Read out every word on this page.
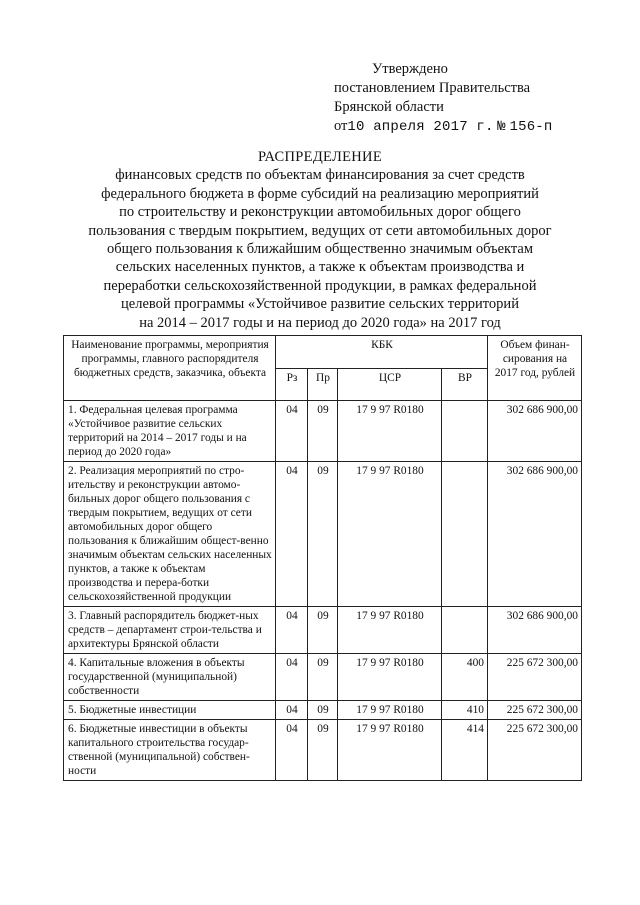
Утверждено
постановлением Правительства
Брянской области
от10 апреля 2017 г. № 156-п
РАСПРЕДЕЛЕНИЕ
финансовых средств по объектам финансирования за счет средств
федерального бюджета в форме субсидий на реализацию мероприятий
по строительству и реконструкции автомобильных дорог общего
пользования с твердым покрытием, ведущих от сети автомобильных дорог
общего пользования к ближайшим общественно значимым объектам
сельских населенных пунктов, а также к объектам производства и
переработки сельскохозяйственной продукции, в рамках федеральной
целевой программы «Устойчивое развитие сельских территорий
на 2014 – 2017 годы и на период до 2020 года» на 2017 год
Наименование программы, мероприятия программы, главного распорядителя бюджетных средств, заказчика, объекта	КБК				Объем финан-сирования на 2017 год, рублей
	Рз	Пр	ЦСР	ВР	
1. Федеральная целевая программа «Устойчивое развитие сельских территорий на 2014 – 2017 годы и на период до 2020 года»	04	09	17 9 97 R0180		302 686 900,00
2. Реализация мероприятий по стро-ительству и реконструкции автомо-бильных дорог общего пользования с твердым покрытием, ведущих от сети автомобильных дорог общего пользования к ближайшим общест-венно значимым объектам сельских населенных пунктов, а также к объектам производства и перера-ботки сельскохозяйственной продукции	04	09	17 9 97 R0180		302 686 900,00
3. Главный распорядитель бюджет-ных средств – департамент строи-тельства и архитектуры Брянской области	04	09	17 9 97 R0180		302 686 900,00
4. Капитальные вложения в объекты государственной (муниципальной) собственности	04	09	17 9 97 R0180	400	225 672 300,00
5. Бюджетные инвестиции	04	09	17 9 97 R0180	410	225 672 300,00
6. Бюджетные инвестиции в объекты капитального строительства государ-ственной (муниципальной) собствен-ности	04	09	17 9 97 R0180	414	225 672 300,00
